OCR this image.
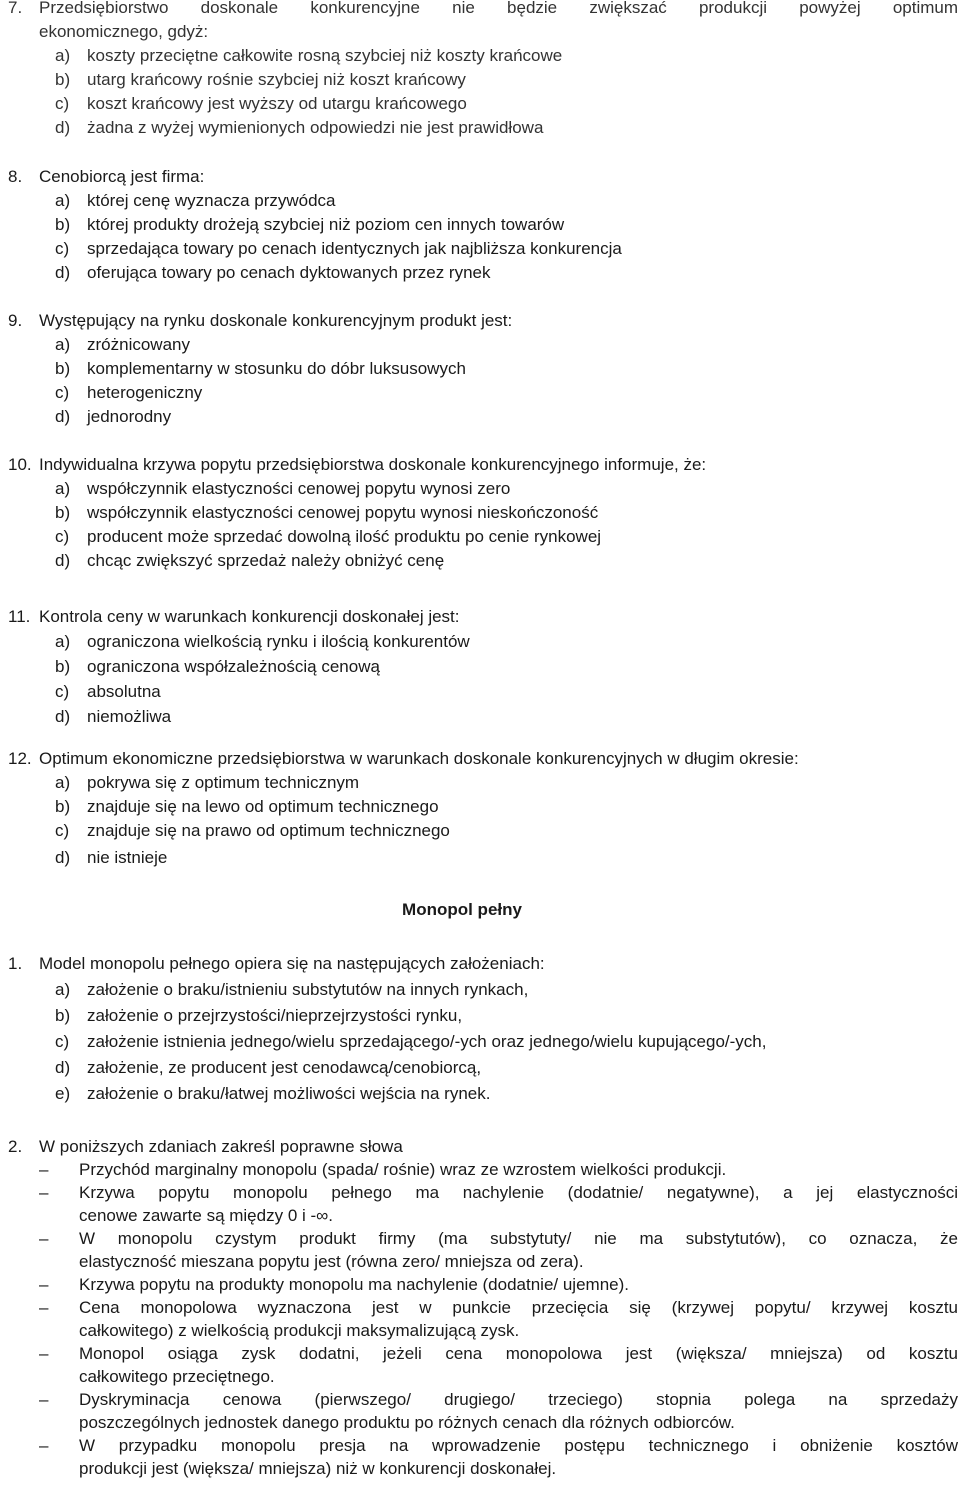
7. Przedsiębiorstwo doskonale konkurencyjne nie będzie zwiększać produkcji powyżej optimum
ekonomicznego, gdyż:
a) koszty przeciętne całkowite rosną szybciej niż koszty krańcowe
b) utarg krańcowy rośnie szybciej niż koszt krańcowy
c)	koszt krańcowy jest wyższy od utargu krańcowego
d) żadna z wyżej wymienionych odpowiedzi nie jest prawidłowa
8. Cenobiorcą jest firma:
a) której cenę wyznacza przywódca
b) której produkty drożeją szybciej niż poziom cen innych towarów
c)	sprzedająca towary po cenach identycznych jak najbliższa konkurencja
d) oferująca towary po cenach dyktowanych przez rynek
9. Występujący na rynku doskonale konkurencyjnym produkt jest:
a) zróżnicowany
b) komplementarny w stosunku do dóbr luksusowych
c)	heterogeniczny
d) jednorodny
10. Indywidualna krzywa popytu przedsiębiorstwa doskonale konkurencyjnego informuje, że:
a) współczynnik elastyczności cenowej popytu wynosi zero
b) współczynnik elastyczności cenowej popytu wynosi nieskończoność
c)	producent może sprzedać dowolną ilość produktu po cenie rynkowej
d) chcąc zwiększyć sprzedaż należy obniżyć cenę
11. Kontrola ceny w warunkach konkurencji doskonałej jest:
a) ograniczona wielkością rynku i ilością konkurentów
b) ograniczona współzależnością cenową
c)	absolutna
d) niemożliwa
12. Optimum ekonomiczne przedsiębiorstwa w warunkach doskonale konkurencyjnych w długim okresie:
a) pokrywa się z optimum technicznym
b) znajduje się na lewo od optimum technicznego
c)	znajduje się na prawo od optimum technicznego
d) nie istnieje
Monopol pełny
1. Model monopolu pełnego opiera się na następujących założeniach:
a) założenie o braku/istnieniu substytutów na innych rynkach,
b) założenie o przejrzystości/nieprzejrzystości rynku,
c)	założenie istnienia jednego/wielu sprzedającego/-ych oraz jednego/wielu kupującego/-ych,
d) założenie, ze producent jest cenodawcą/cenobiorcą,
e) założenie o braku/łatwej możliwości wejścia na rynek.
2. W poniższych zdaniach zakreśl poprawne słowa
–	Przychód marginalny monopolu (spada/ rośnie) wraz ze wzrostem wielkości produkcji.
–	Krzywa popytu monopolu pełnego ma nachylenie (dodatnie/ negatywne), a jej elastyczności
cenowe zawarte są między 0 i -∞.
–	W monopolu czystym produkt firmy (ma substytuty/ nie ma substytutów), co oznacza, że
elastyczność mieszana popytu jest (równa zero/ mniejsza od zera).
–	Krzywa popytu na produkty monopolu ma nachylenie (dodatnie/ ujemne).
–	Cena monopolowa wyznaczona jest w punkcie przecięcia się (krzywej popytu/ krzywej kosztu
całkowitego) z wielkością produkcji maksymalizującą zysk.
–	Monopol osiąga zysk dodatni, jeżeli cena monopolowa jest (większa/ mniejsza) od kosztu
całkowitego przeciętnego.
–	Dyskryminacja cenowa (pierwszego/ drugiego/ trzeciego) stopnia polega na sprzedaży
poszczególnych jednostek danego produktu po różnych cenach dla różnych odbiorców.
–	W przypadku monopolu presja na wprowadzenie postępu technicznego i obniżenie kosztów
produkcji jest (większa/ mniejsza) niż w konkurencji doskonałej.
